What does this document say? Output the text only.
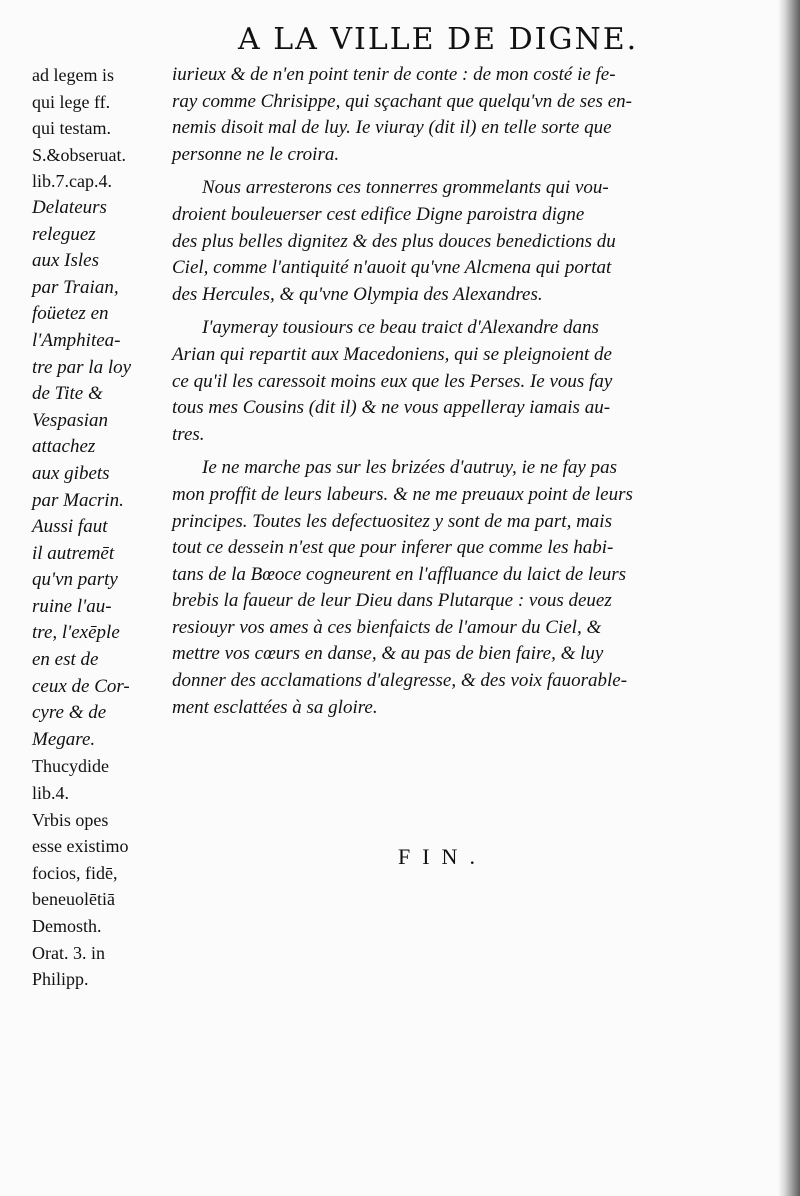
A LA VILLE DE DIGNE.
ad legem is
qui lege ff.
qui testam.
S.&obseruat.
lib.7.cap.4.
Delateurs
releguez
aux Isles
par Traian,
foüetez en
l'Amphitea-
tre par la loy
de Tite &
Vespasian
attachez
aux gibets
par Macrin.
Aussi faut
il autremēt
qu'vn party
ruine l'au-
tre, l'exēple
en est de
ceux de Cor-
cyre & de
Megare.
Thucydide
lib.4.
Vrbis opes
esse existimo
focios, fidē,
beneuolētiā
Demosth.
Orat. 3. in
Philipp.
iurieux & de n'en point tenir de conte : de mon costé ie fe-
ray comme Chrisippe, qui sçachant que quelqu'vn de ses en-
nemis disoit mal de luy. Ie viuray (dit il) en telle sorte que
personne ne le croira.
Nous arresterons ces tonnerres grommelants qui vou-
droient bouleuerser cest edifice Digne paroistra digne
des plus belles dignitez & des plus douces benedictions du
Ciel, comme l'antiquité n'auoit qu'vne Alcmena qui portat
des Hercules, & qu'vne Olympia des Alexandres.
I'aymeray tousiours ce beau traict d'Alexandre dans
Arian qui repartit aux Macedoniens, qui se pleignoient de
ce qu'il les caressoit moins eux que les Perses. Ie vous fay
tous mes Cousins (dit il) & ne vous appelleray iamais au-
tres.
Ie ne marche pas sur les brizées d'autruy, ie ne fay pas
mon proffit de leurs labeurs. & ne me preuaux point de leurs
principes. Toutes les defectuositez y sont de ma part, mais
tout ce dessein n'est que pour inferer que comme les habi-
tans de la Bœoce cogneurent en l'affluance du laict de leurs
brebis la faueur de leur Dieu dans Plutarque : vous deuez
resiouyr vos ames à ces bienfaicts de l'amour du Ciel, &
mettre vos cœurs en danse, & au pas de bien faire, & luy
donner des acclamations d'alegresse, & des voix fauorable-
ment esclattées à sa gloire.
FIN.
